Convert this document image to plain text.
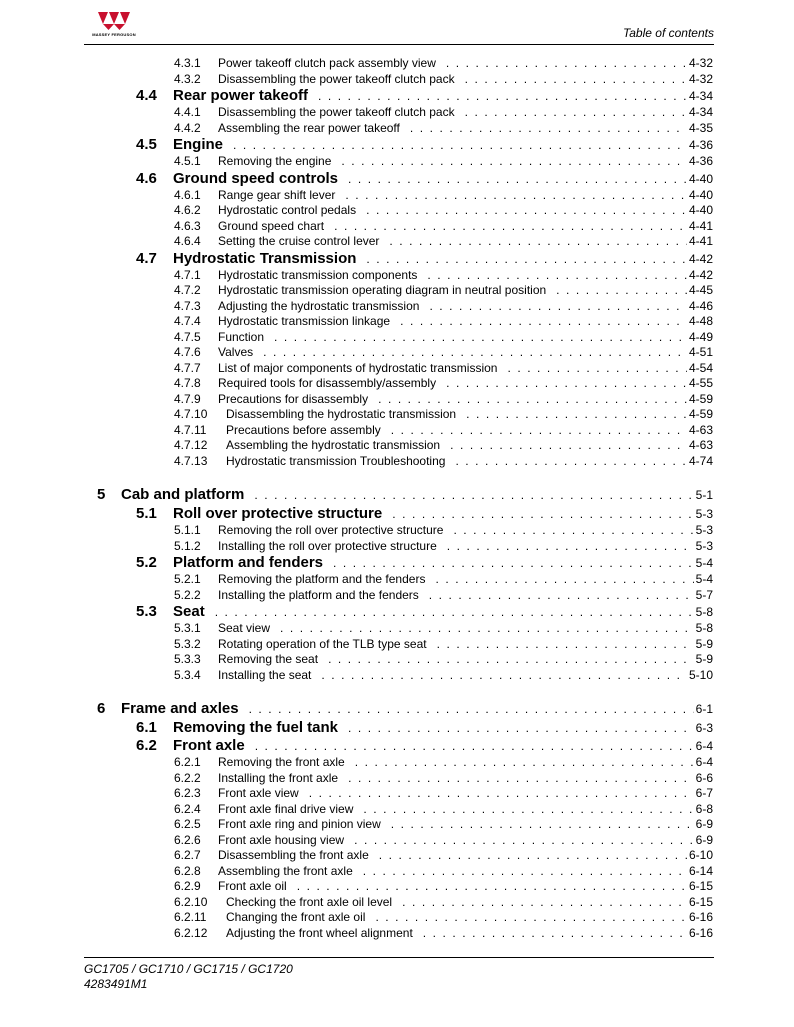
MASSEY FERGUSON	Table of contents
4.3.1	Power takeoff clutch pack assembly view . . .	4-32
4.3.2	Disassembling the power takeoff clutch pack . . .	4-32
4.4	Rear power takeoff . . .	4-34
4.4.1	Disassembling the power takeoff clutch pack . . .	4-34
4.4.2	Assembling the rear power takeoff . . .	4-35
4.5	Engine . . .	4-36
4.5.1	Removing the engine . . .	4-36
4.6	Ground speed controls . . .	4-40
4.6.1	Range gear shift lever . . .	4-40
4.6.2	Hydrostatic control pedals . . .	4-40
4.6.3	Ground speed chart . . .	4-41
4.6.4	Setting the cruise control lever . . .	4-41
4.7	Hydrostatic Transmission . . .	4-42
4.7.1	Hydrostatic transmission components . . .	4-42
4.7.2	Hydrostatic transmission operating diagram in neutral position . . .	4-45
4.7.3	Adjusting the hydrostatic transmission . . .	4-46
4.7.4	Hydrostatic transmission linkage . . .	4-48
4.7.5	Function . . .	4-49
4.7.6	Valves . . .	4-51
4.7.7	List of major components of hydrostatic transmission . . .	4-54
4.7.8	Required tools for disassembly/assembly . . .	4-55
4.7.9	Precautions for disassembly . . .	4-59
4.7.10	Disassembling the hydrostatic transmission . . .	4-59
4.7.11	Precautions before assembly . . .	4-63
4.7.12	Assembling the hydrostatic transmission . . .	4-63
4.7.13	Hydrostatic transmission Troubleshooting . . .	4-74
5	Cab and platform . . .	5-1
5.1	Roll over protective structure . . .	5-3
5.1.1	Removing the roll over protective structure . . .	5-3
5.1.2	Installing the roll over protective structure . . .	5-3
5.2	Platform and fenders . . .	5-4
5.2.1	Removing the platform and the fenders . . .	5-4
5.2.2	Installing the platform and the fenders . . .	5-7
5.3	Seat . . .	5-8
5.3.1	Seat view . . .	5-8
5.3.2	Rotating operation of the TLB type seat . . .	5-9
5.3.3	Removing the seat . . .	5-9
5.3.4	Installing the seat . . .	5-10
6	Frame and axles . . .	6-1
6.1	Removing the fuel tank . . .	6-3
6.2	Front axle . . .	6-4
6.2.1	Removing the front axle . . .	6-4
6.2.2	Installing the front axle . . .	6-6
6.2.3	Front axle view . . .	6-7
6.2.4	Front axle final drive view . . .	6-8
6.2.5	Front axle ring and pinion view . . .	6-9
6.2.6	Front axle housing view . . .	6-9
6.2.7	Disassembling the front axle . . .	6-10
6.2.8	Assembling the front axle . . .	6-14
6.2.9	Front axle oil . . .	6-15
6.2.10	Checking the front axle oil level . . .	6-15
6.2.11	Changing the front axle oil . . .	6-16
6.2.12	Adjusting the front wheel alignment . . .	6-16
GC1705 / GC1710 / GC1715 / GC1720
4283491M1
